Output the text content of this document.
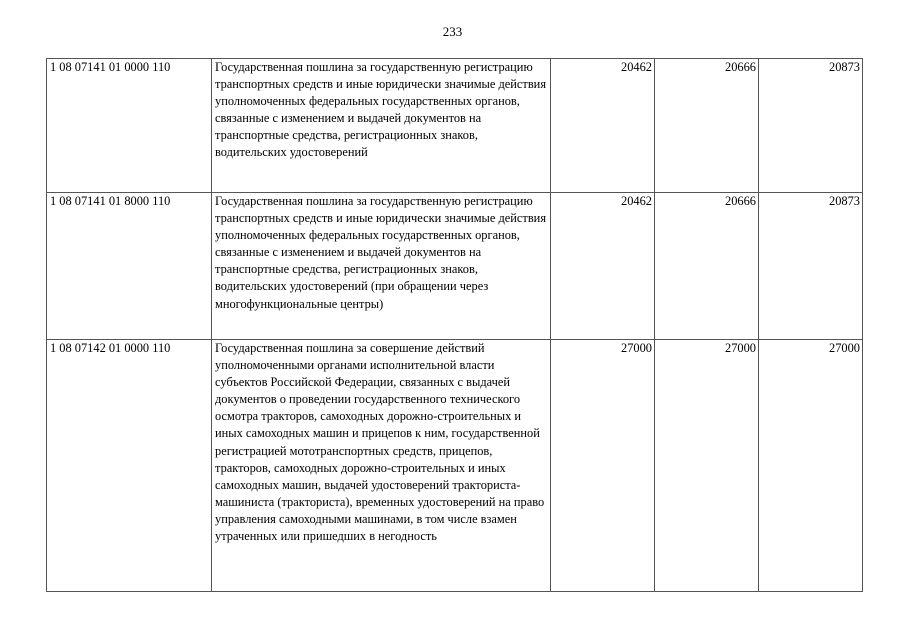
233
1 08 07141 01 0000 110	Государственная пошлина за государственную регистрацию транспортных средств и иные юридически значимые действия уполномоченных федеральных государственных органов, связанные с изменением и выдачей документов на транспортные средства, регистрационных знаков, водительских удостоверений	20462	20666	20873
1 08 07141 01 8000 110	Государственная пошлина за государственную регистрацию транспортных средств и иные юридически значимые действия уполномоченных федеральных государственных органов, связанные с изменением и выдачей документов на транспортные средства, регистрационных знаков, водительских удостоверений (при обращении через многофункциональные центры)	20462	20666	20873
1 08 07142 01 0000 110	Государственная пошлина за совершение действий уполномоченными органами исполнительной власти субъектов Российской Федерации, связанных с выдачей документов о проведении государственного технического осмотра тракторов, самоходных дорожно-строительных и иных самоходных машин и прицепов к ним, государственной регистрацией мототранспортных средств, прицепов, тракторов, самоходных дорожно-строительных и иных самоходных машин, выдачей удостоверений тракториста-машиниста (тракториста), временных удостоверений на право управления самоходными машинами, в том числе взамен утраченных или пришедших в негодность	27000	27000	27000
